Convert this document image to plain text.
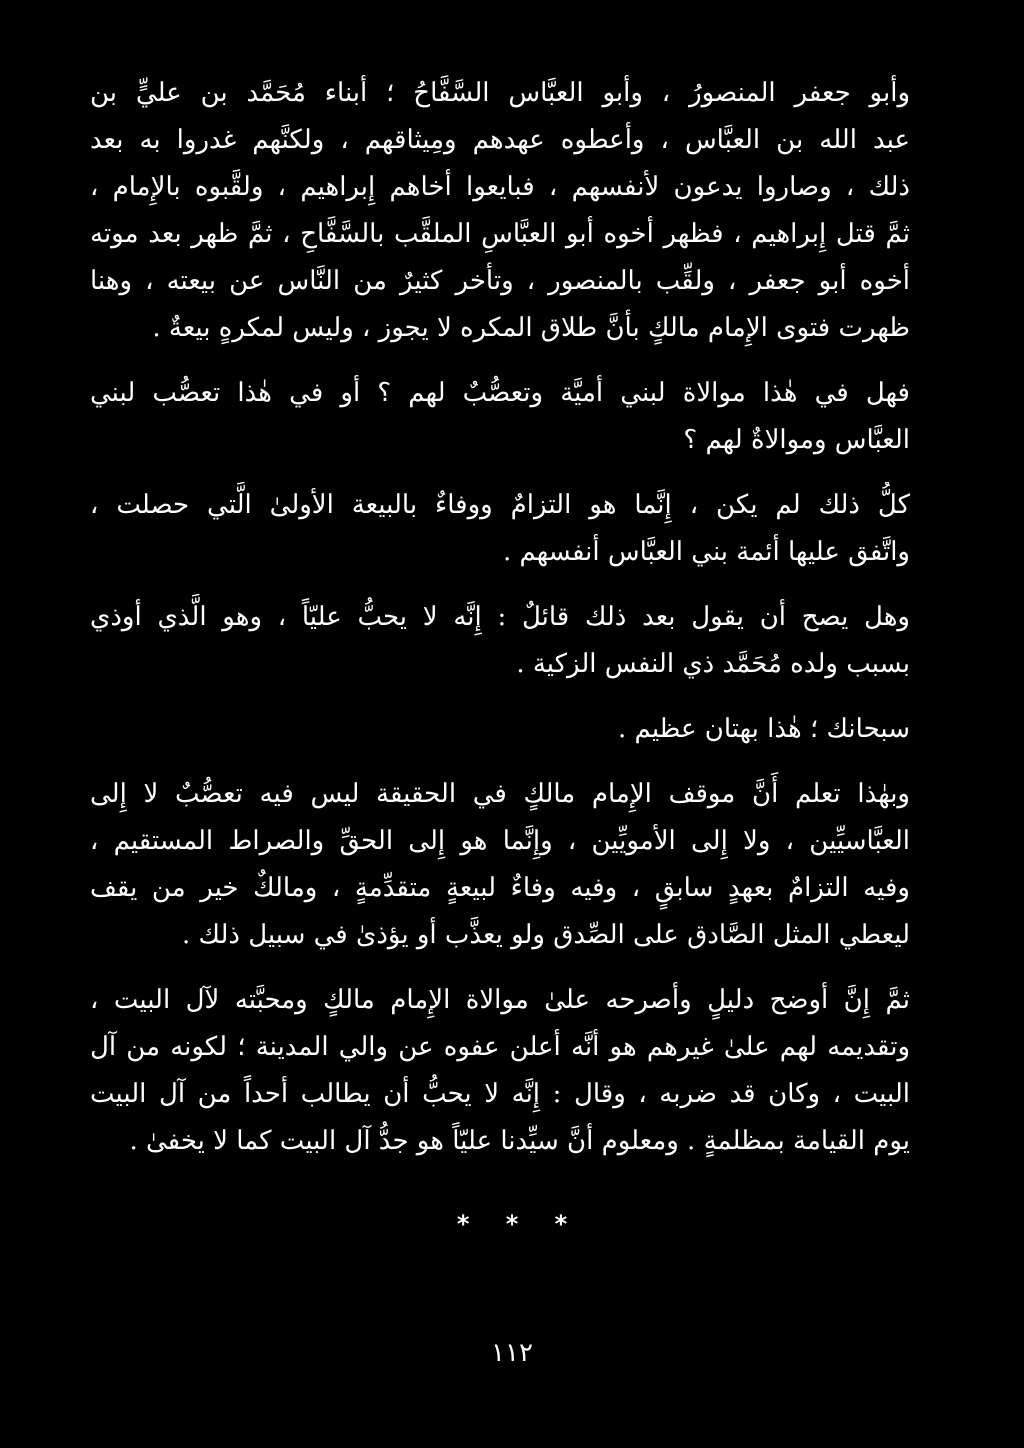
وأبو جعفر المنصورُ ، وأبو العبَّاس السَّفَّاحُ ؛ أبناء مُحَمَّد بن عليٍّ بن
عبد الله بن العبَّاس ، وأعطوه عهدهم ومِيثاقهم ، ولكنَّهم غدروا به بعد
ذلك ، وصاروا يدعون لأنفسهم ، فبايعوا أخاهم إِبراهيم ، ولقَّبوه بالإِمام ،
ثمَّ قتل إِبراهيم ، فظهر أخوه أبو العبَّاسِ الملقَّب بالسَّفَّاحِ ، ثمَّ ظهر بعد موته
أخوه أبو جعفر ، ولقِّب بالمنصور ، وتأخر كثيرٌ من النَّاس عن بيعته ، وهنا
ظهرت فتوى الإِمام مالكٍ بأنَّ طلاق المكره لا يجوز ، وليس لمكرهٍ بيعةٌ .
فهل في هٰذا موالاة لبني أميَّة وتعصُّبٌ لهم ؟ أو في هٰذا تعصُّب لبني
العبَّاس وموالاةٌ لهم ؟
كلُّ ذلك لم يكن ، إِنَّما هو التزامٌ ووفاءٌ بالبيعة الأولىٰ الَّتي حصلت ،
واتَّفق عليها أئمة بني العبَّاس أنفسهم .
وهل يصح أن يقول بعد ذلك قائلٌ : إِنَّه لا يحبُّ عليّاً ، وهو الَّذي أوذي
بسبب ولده مُحَمَّد ذي النفس الزكية .
سبحانك ؛ هٰذا بهتان عظيم .
وبهٰذا تعلم أَنَّ موقف الإِمام مالكٍ في الحقيقة ليس فيه تعصُّبٌ لا إِلى
العبَّاسيِّين ، ولا إِلى الأمويِّين ، وإِنَّما هو إِلى الحقِّ والصراط المستقيم ،
وفيه التزامٌ بعهدٍ سابقٍ ، وفيه وفاءٌ لبيعةٍ متقدِّمةٍ ، ومالكٌ خير من يقف
ليعطي المثل الصَّادق على الصِّدق ولو يعذَّب أو يؤذىٰ في سبيل ذلك .
ثمَّ إِنَّ أوضح دليلٍ وأصرحه علىٰ موالاة الإِمام مالكٍ ومحبَّته لآل البيت ،
وتقديمه لهم علىٰ غيرهم هو أنَّه أعلن عفوه عن والي المدينة ؛ لكونه من آل
البيت ، وكان قد ضربه ، وقال : إِنَّه لا يحبُّ أن يطالب أحداً من آل البيت
يوم القيامة بمظلمةٍ . ومعلوم أنَّ سيِّدنا عليّاً هو جدُّ آل البيت كما لا يخفىٰ .
* * *
١١٢
